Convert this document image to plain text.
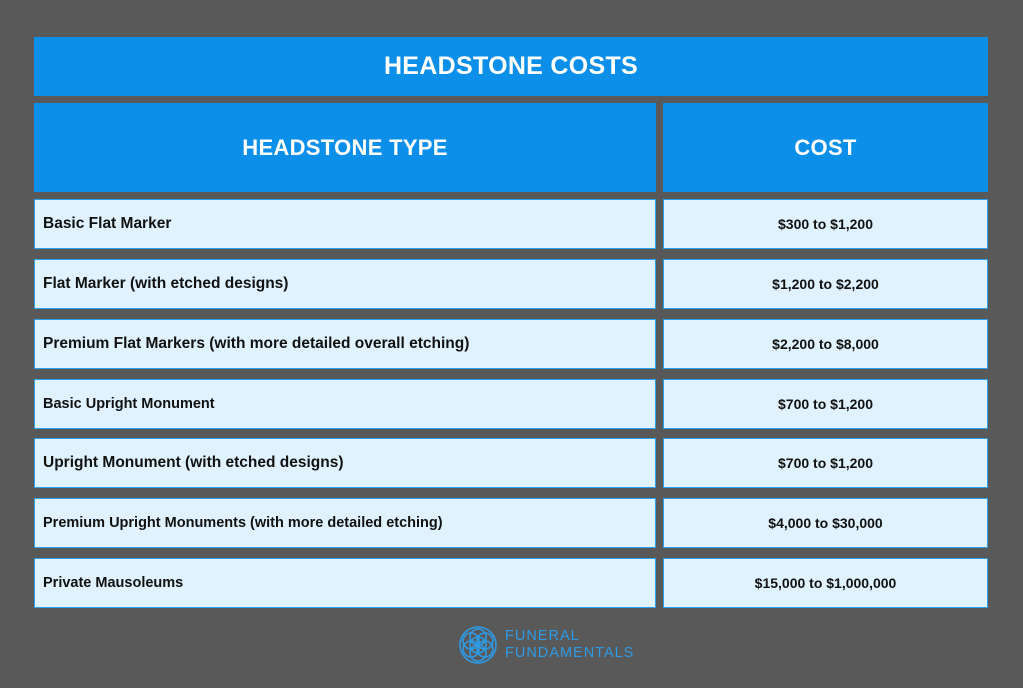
HEADSTONE COSTS
HEADSTONE TYPE	COST
Basic Flat Marker	$300 to $1,200
Flat Marker (with etched designs)	$1,200 to $2,200
Premium Flat Markers (with more detailed overall etching)	$2,200 to $8,000
Basic Upright Monument	$700 to $1,200
Upright Monument (with etched designs)	$700 to $1,200
Premium Upright Monuments (with more detailed etching)	$4,000 to $30,000
Private Mausoleums	$15,000 to $1,000,000
FUNERAL
FUNDAMENTALS
